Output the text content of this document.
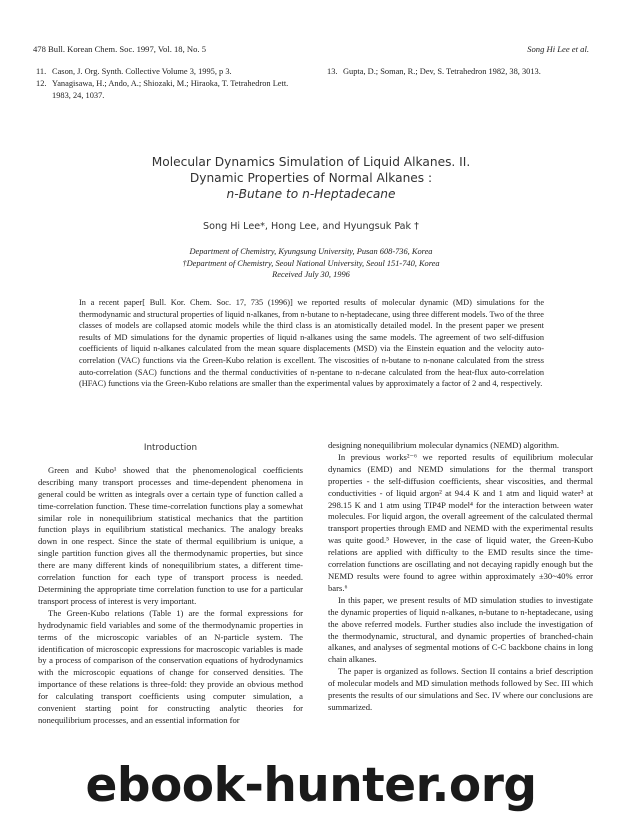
478 Bull. Korean Chem. Soc. 1997, Vol. 18, No. 5	Song Hi Lee et al.
11. Cason, J. Org. Synth. Collective Volume 3, 1995, p 3.
12. Yanagisawa, H.; Ando, A.; Shiozaki, M.; Hiraoka, T. Tetrahedron Lett. 1983, 24, 1037.
13. Gupta, D.; Soman, R.; Dev, S. Tetrahedron 1982, 38, 3013.
Molecular Dynamics Simulation of Liquid Alkanes. II.
Dynamic Properties of Normal Alkanes :
n-Butane to n-Heptadecane
Song Hi Lee*, Hong Lee, and Hyungsuk Pak †
Department of Chemistry, Kyungsung University, Pusan 608-736, Korea
†Department of Chemistry, Seoul National University, Seoul 151-740, Korea
Received July 30, 1996
In a recent paper[ Bull. Kor. Chem. Soc. 17, 735 (1996)] we reported results of molecular dynamic (MD) simulations for the thermodynamic and structural properties of liquid n-alkanes, from n-butane to n-heptadecane, using three different models. Two of the three classes of models are collapsed atomic models while the third class is an atomistically detailed model. In the present paper we present results of MD simulations for the dynamic properties of liquid n-alkanes using the same models. The agreement of two self-diffusion coefficients of liquid n-alkanes calculated from the mean square displacements (MSD) via the Einstein equation and the velocity auto-correlation (VAC) functions via the Green-Kubo relation is excellent. The viscosities of n-butane to n-nonane calculated from the stress auto-correlation (SAC) functions and the thermal conductivities of n-pentane to n-decane calculated from the heat-flux auto-correlation (HFAC) functions via the Green-Kubo relations are smaller than the experimental values by approximately a factor of 2 and 4, respectively.

Introduction

Green and Kubo¹ showed that the phenomenological coefficients describing many transport processes and time-dependent phenomena in general could be written as integrals over a certain type of function called a time-correlation function. These time-correlation functions play a somewhat similar role in nonequilibrium statistical mechanics that the partition function plays in equilibrium statistical mechanics. The analogy breaks down in one respect. Since the state of thermal equilibrium is unique, a single partition function gives all the thermodynamic properties, but since there are many different kinds of nonequilibrium states, a different time-correlation function for each type of transport process is needed. Determining the appropriate time correlation function to use for a particular transport process of interest is very important.

The Green-Kubo relations (Table 1) are the formal expressions for hydrodynamic field variables and some of the thermodynamic properties in terms of the microscopic variables of an N-particle system. The identification of microscopic expressions for macroscopic variables is made by a process of comparison of the conservation equations of hydrodynamics with the microscopic equations of change for conserved densities. The importance of these relations is three-fold: they provide an obvious method for calculating transport coefficients using computer simulation, a convenient starting point for constructing analytic theories for nonequilibrium processes, and an essential information for

designing nonequilibrium molecular dynamics (NEMD) algorithm.

In previous works²⁻⁶ we reported results of equilibrium molecular dynamics (EMD) and NEMD simulations for the thermal transport properties - the self-diffusion coefficients, shear viscosities, and thermal conductivities - of liquid argon² at 94.4 K and 1 atm and liquid water³ at 298.15 K and 1 atm using TIP4P model⁴ for the interaction between water molecules. For liquid argon, the overall agreement of the calculated thermal transport properties through EMD and NEMD with the experimental results was quite good.⁵ However, in the case of liquid water, the Green-Kubo relations are applied with difficulty to the EMD results since the time-correlation functions are oscillating and not decaying rapidly enough but the NEMD results were found to agree within approximately ±30~40% error bars.⁶

In this paper, we present results of MD simulation studies to investigate the dynamic properties of liquid n-alkanes, n-butane to n-heptadecane, using the above referred models. Further studies also include the investigation of the thermodynamic, structural, and dynamic properties of branched-chain alkanes, and analyses of segmental motions of C-C backbone chains in long chain alkanes.

The paper is organized as follows. Section II contains a brief description of molecular models and MD simulation methods followed by Sec. III which presents the results of our simulations and Sec. IV where our conclusions are summarized.

ebook-hunter.org
